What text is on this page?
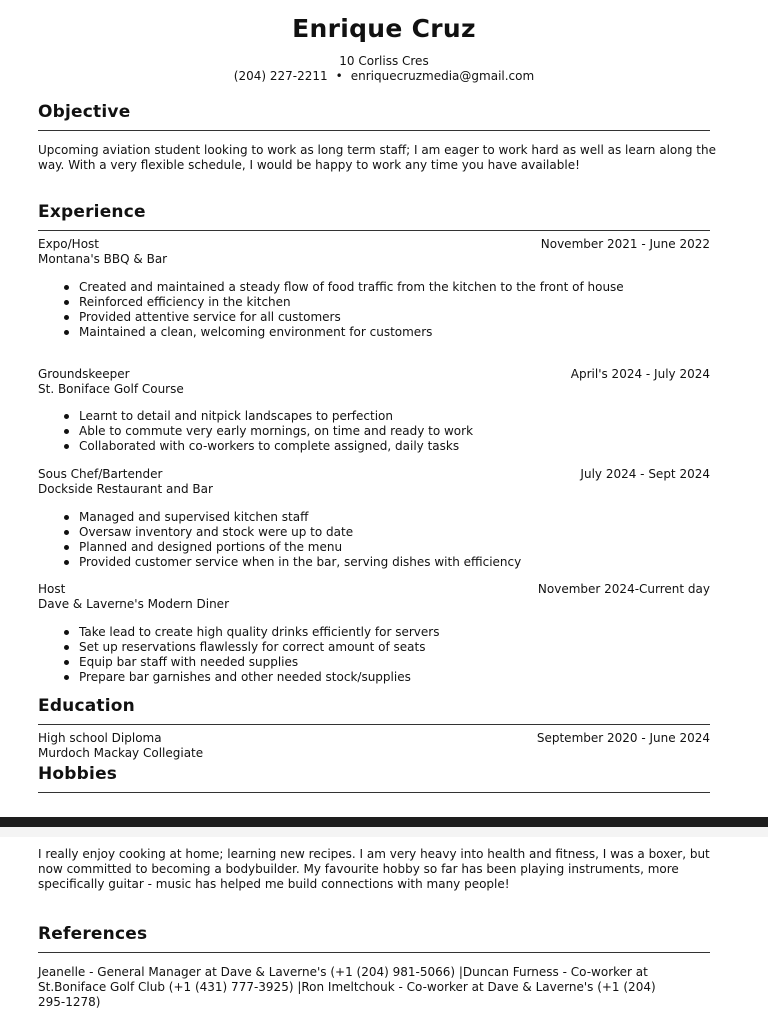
Enrique Cruz
10 Corliss Cres
(204) 227-2211 • enriquecruzmedia@gmail.com
Objective
Upcoming aviation student looking to work as long term staff; I am eager to work hard as well as learn along the way. With a very flexible schedule, I would be happy to work any time you have available!
Experience
Expo/Host	November 2021 - June 2022
Montana's BBQ & Bar
Created and maintained a steady flow of food traffic from the kitchen to the front of house
Reinforced efficiency in the kitchen
Provided attentive service for all customers
Maintained a clean, welcoming environment for customers
Groundskeeper	April's 2024 - July 2024
St. Boniface Golf Course
Learnt to detail and nitpick landscapes to perfection
Able to commute very early mornings, on time and ready to work
Collaborated with co-workers to complete assigned, daily tasks
Sous Chef/Bartender	July 2024 - Sept 2024
Dockside Restaurant and Bar
Managed and supervised kitchen staff
Oversaw inventory and stock were up to date
Planned and designed portions of the menu
Provided customer service when in the bar, serving dishes with efficiency
Host	November 2024-Current day
Dave & Laverne's Modern Diner
Take lead to create high quality drinks efficiently for servers
Set up reservations flawlessly for correct amount of seats
Equip bar staff with needed supplies
Prepare bar garnishes and other needed stock/supplies
Education
High school Diploma	September 2020 - June 2024
Murdoch Mackay Collegiate
Hobbies
I really enjoy cooking at home; learning new recipes. I am very heavy into health and fitness, I was a boxer, but now committed to becoming a bodybuilder. My favourite hobby so far has been playing instruments, more specifically guitar - music has helped me build connections with many people!
References
Jeanelle - General Manager at Dave & Laverne's (+1 (204) 981-5066) |Duncan Furness - Co-worker at St.Boniface Golf Club (+1 (431) 777-3925) |Ron Imeltchouk - Co-worker at Dave & Laverne's (+1 (204) 295-1278)
